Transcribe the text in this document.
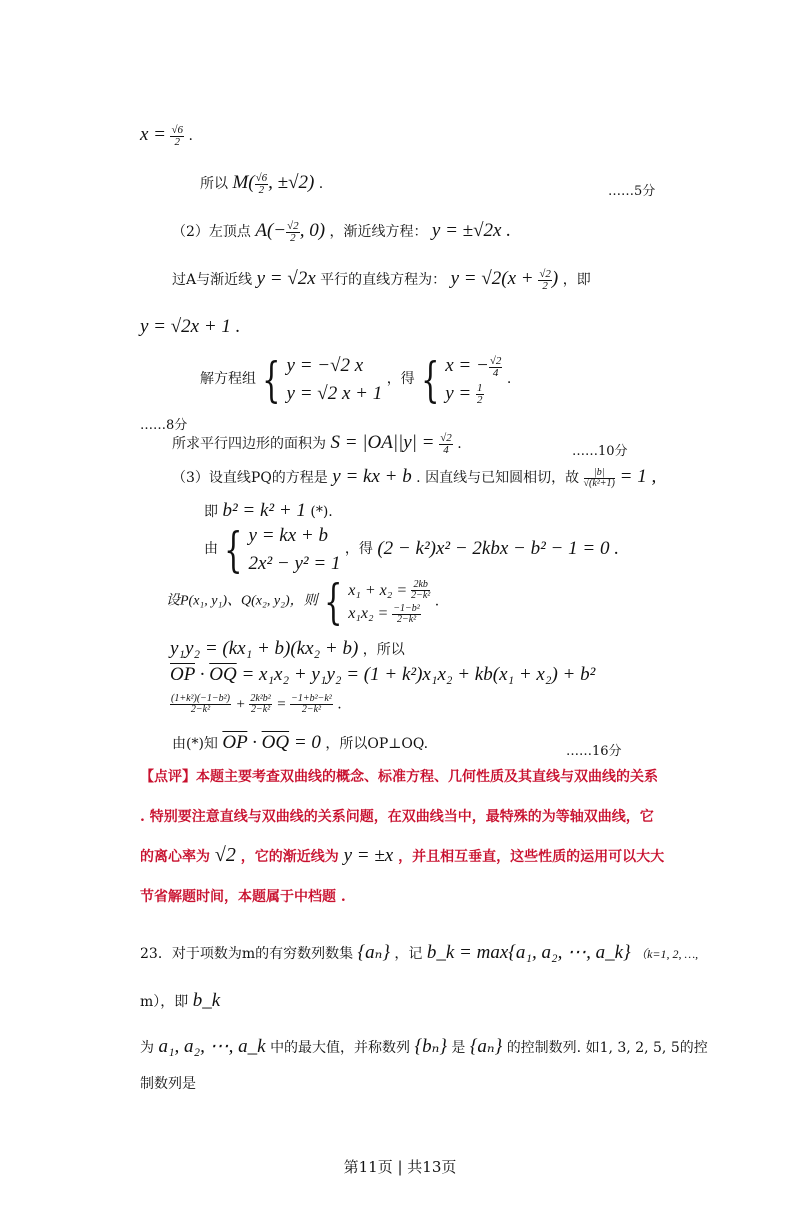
$x = \frac{√6}{2}$ .
所以 $M( \frac{√6}{2}$ , ±√2) .	……5分
（2）左顶点 $A(- \frac{√2}{2}$ , 0) ，渐近线方程： y = ±√2x .
过A与渐近线 y = √2x 平行的直线方程为： $y = √2(x + \frac{√2}{2}$ ) ，即
y = √2x + 1 .
解方程组 { y = −√2 x
y = √2 x + 1
，得 { x = − $\frac{√2}{4}$
$y = \frac{1}{2}$
.
……8分
所求平行四边形的面积为 $S = |OA||y| = \frac{√2}{4}$ .	……10分
（3）设直线PQ的方程是 y = kx + b . 因直线与已知圆相切，故 $\frac{|b|}{\text{√(k²+1)}} = 1$ ,
即 b² = k² + 1 (*).
由 { y = kx + b
2x² − y² = 1
，得 (2 − k²)x² − 2kbx − b² − 1 = 0 .
设P(x₁, y₁)、Q(x₂, y₂)，则 { $x_1 + x_2 = \frac{2kb}{\text{2−k²}}$
$x_1x_2 = \frac{\text{−1−b²}}{\text{2−k²}}$
.
y₁y₂ = (kx₁ + b)(kx₂ + b) ，所以
$\overline{OP} \cdot \overline{OQ} = x_1x_2 + y_1y_2 = (1 + k^2)x_1x_2 + kb(x_1 + x_2) + b^2$
$\frac{\text{(1+k²)(−1−b²)}}{\text{2−k²}} + \frac{\text{2k²b²}}{\text{2−k²}} = \frac{\text{−1+b²−k²}}{\text{2−k²}}$ .
由(*)知 $\overline{OP} \cdot \overline{OQ} = 0$ ，所以OP⊥OQ.	……16分
【点评】本题主要考查双曲线的概念、标准方程、几何性质及其直线与双曲线的关系
. 特别要注意直线与双曲线的关系问题，在双曲线当中，最特殊的为等轴双曲线，它
的离心率为 √2 ，它的渐近线为 y = ±x ，并且相互垂直，这些性质的运用可以大大
节省解题时间，本题属于中档题 .
23．对于项数为m的有穷数列数集 {aₙ} ，记 b_k = max{a₁, a₂, ⋯, a_k} （k=1, 2, …,
m），即 b_k
为 a₁, a₂, ⋯, a_k 中的最大值，并称数列 {bₙ} 是 {aₙ} 的控制数列. 如1, 3, 2, 5, 5的控
制数列是
第11页 | 共13页
